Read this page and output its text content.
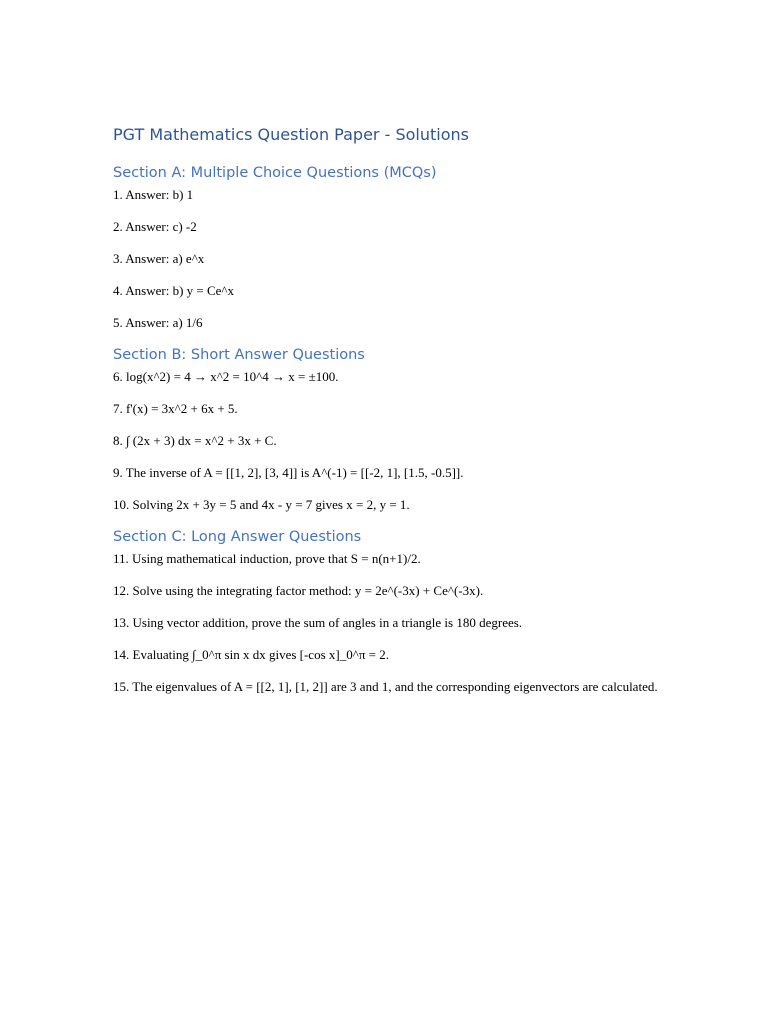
PGT Mathematics Question Paper - Solutions
Section A: Multiple Choice Questions (MCQs)
1. Answer: b) 1
2. Answer: c) -2
3. Answer: a) e^x
4. Answer: b) y = Ce^x
5. Answer: a) 1/6
Section B: Short Answer Questions
6. log(x^2) = 4 → x^2 = 10^4 → x = ±100.
7. f'(x) = 3x^2 + 6x + 5.
8. ∫ (2x + 3) dx = x^2 + 3x + C.
9. The inverse of A = [[1, 2], [3, 4]] is A^(-1) = [[-2, 1], [1.5, -0.5]].
10. Solving 2x + 3y = 5 and 4x - y = 7 gives x = 2, y = 1.
Section C: Long Answer Questions
11. Using mathematical induction, prove that S = n(n+1)/2.
12. Solve using the integrating factor method: y = 2e^(-3x) + Ce^(-3x).
13. Using vector addition, prove the sum of angles in a triangle is 180 degrees.
14. Evaluating ∫_0^π sin x dx gives [-cos x]_0^π = 2.
15. The eigenvalues of A = [[2, 1], [1, 2]] are 3 and 1, and the corresponding eigenvectors are calculated.
